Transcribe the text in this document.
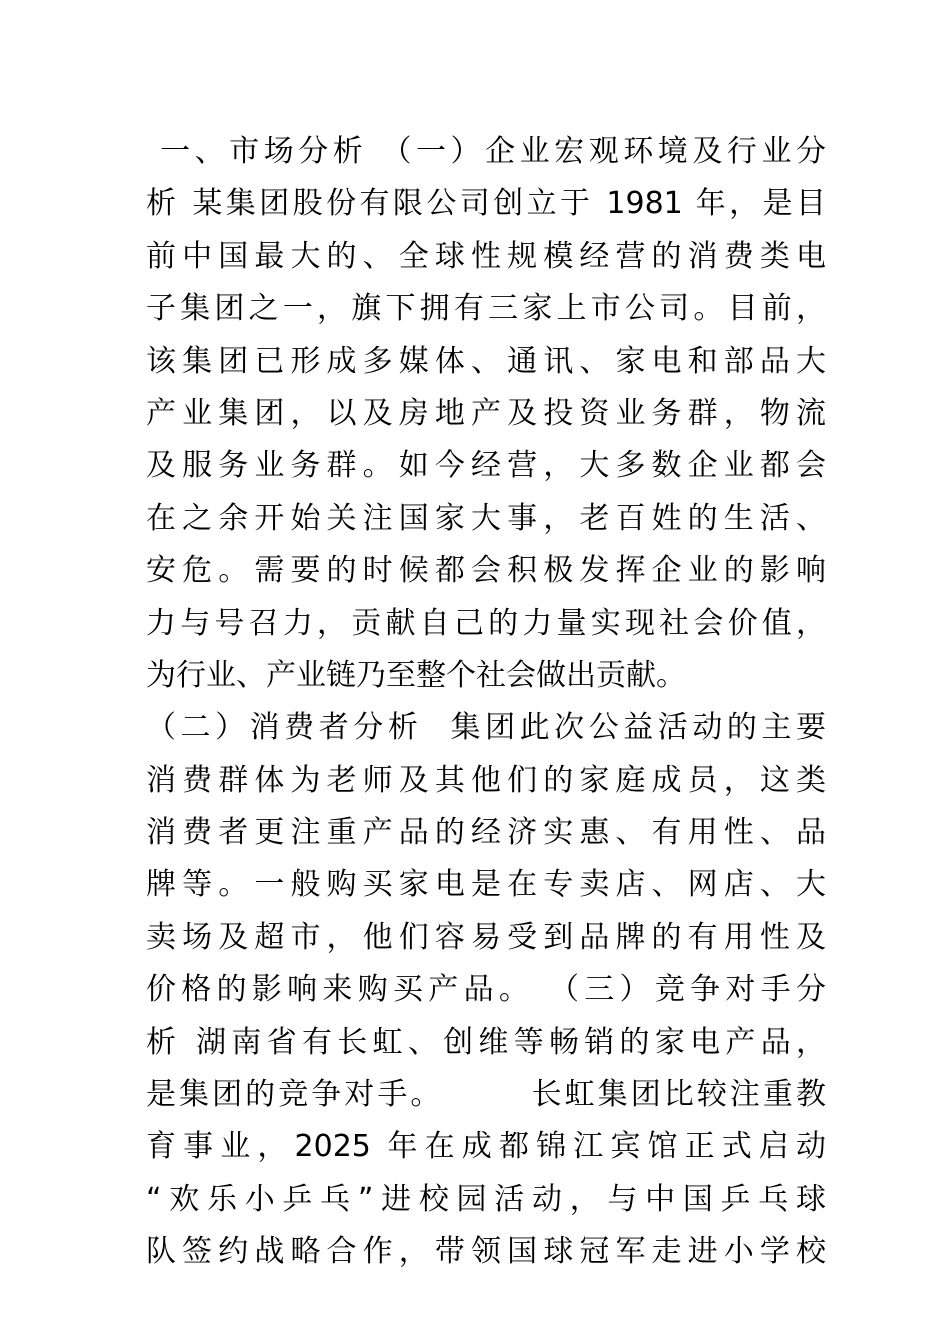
一、市场分析 （一）企业宏观环境及行业分
析 某集团股份有限公司创立于 1981 年，是目
前中国最大的、全球性规模经营的消费类电
子集团之一，旗下拥有三家上市公司。目前，
该集团已形成多媒体、通讯、家电和部品大
产业集团，以及房地产及投资业务群，物流
及服务业务群。如今经营，大多数企业都会
在之余开始关注国家大事，老百姓的生活、
安危。需要的时候都会积极发挥企业的影响
力与号召力，贡献自己的力量实现社会价值，
为行业、产业链乃至整个社会做出贡献。
（二）消费者分析  集团此次公益活动的主要
消费群体为老师及其他们的家庭成员，这类
消费者更注重产品的经济实惠、有用性、品
牌等。一般购买家电是在专卖店、网店、大
卖场及超市，他们容易受到品牌的有用性及
价格的影响来购买产品。 （三）竞争对手分
析 湖南省有长虹、创维等畅销的家电产品，
是集团的竞争对手。       长虹集团比较注重教
育事业，2025 年在成都锦江宾馆正式启动
“欢乐小乒乓”进校园活动，与中国乒乓球
队签约战略合作，带领国球冠军走进小学校
